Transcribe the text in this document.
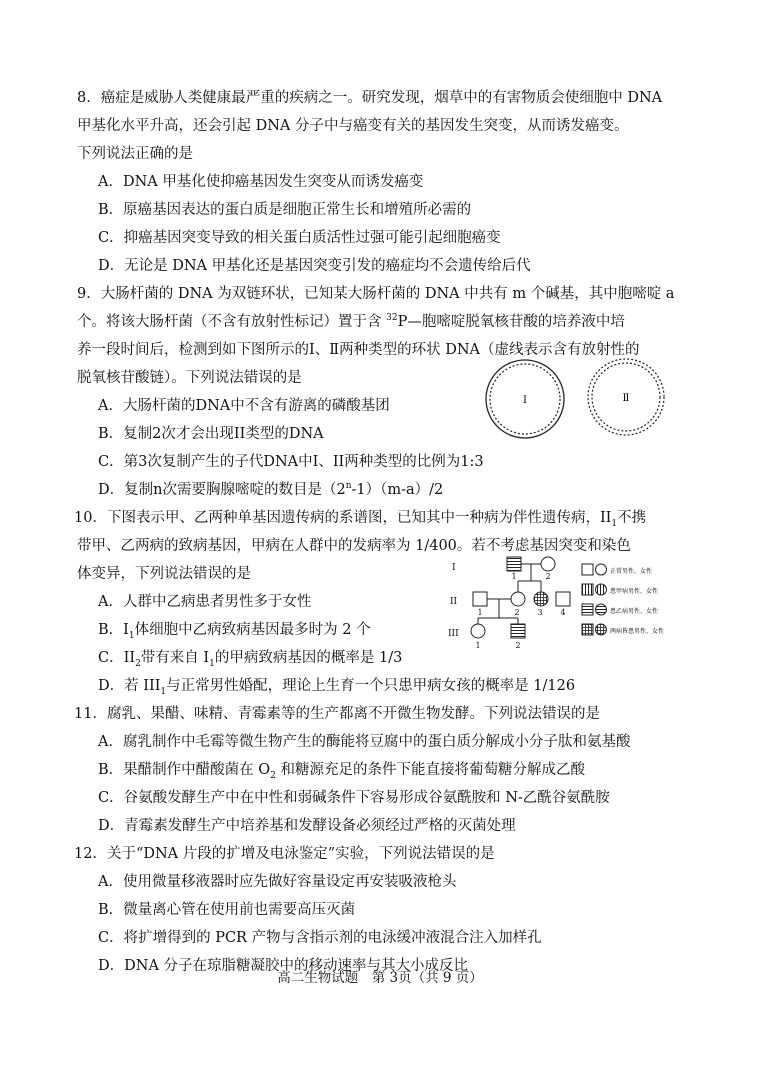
8．癌症是威胁人类健康最严重的疾病之一。研究发现，烟草中的有害物质会使细胞中 DNA
甲基化水平升高，还会引起 DNA 分子中与癌变有关的基因发生突变，从而诱发癌变。
下列说法正确的是
A．DNA 甲基化使抑癌基因发生突变从而诱发癌变
B．原癌基因表达的蛋白质是细胞正常生长和增殖所必需的
C．抑癌基因突变导致的相关蛋白质活性过强可能引起细胞癌变
D．无论是 DNA 甲基化还是基因突变引发的癌症均不会遗传给后代
9．大肠杆菌的 DNA 为双链环状，已知某大肠杆菌的 DNA 中共有 m 个碱基，其中胞嘧啶 a
个。将该大肠杆菌（不含有放射性标记）置于含 $^{32}$P—胞嘧啶脱氧核苷酸的培养液中培
养一段时间后，检测到如下图所示的Ⅰ、Ⅱ两种类型的环状 DNA（虚线表示含有放射性的
脱氧核苷酸链）。下列说法错误的是
A．大肠杆菌的DNA中不含有游离的磷酸基团
B．复制2次才会出现II类型的DNA
C．第3次复制产生的子代DNA中I、II两种类型的比例为1:3
D．复制n次需要胸腺嘧啶的数目是（2$^n$-1）（m-a）/2
Ⅰ	Ⅱ
10．下图表示甲、乙两种单基因遗传病的系谱图，已知其中一种病为伴性遗传病，$II_1$不携
带甲、乙两病的致病基因，甲病在人群中的发病率为 1/400。若不考虑基因突变和染色
体变异，下列说法错误的是
A．人群中乙病患者男性多于女性
B．$I_1$体细胞中乙病致病基因最多时为 2 个
C．$II_2$带有来自 $I_1$的甲病致病基因的概率是 1/3
D．若 $III_1$与正常男性婚配，理论上生育一个只患甲病女孩的概率是 1/126
I
II
III
1	2
1	2 3 4
1	2
正常男性、女性
患甲病男性、女性
患乙病男性、女性
两病皆患男性、女性
11．腐乳、果醋、味精、青霉素等的生产都离不开微生物发酵。下列说法错误的是
A．腐乳制作中毛霉等微生物产生的酶能将豆腐中的蛋白质分解成小分子肽和氨基酸
B．果醋制作中醋酸菌在 $O_2$ 和糖源充足的条件下能直接将葡萄糖分解成乙酸
C．谷氨酸发酵生产中在中性和弱碱条件下容易形成谷氨酰胺和 N-乙酰谷氨酰胺
D．青霉素发酵生产中培养基和发酵设备必须经过严格的灭菌处理
12．关于“DNA 片段的扩增及电泳鉴定”实验，下列说法错误的是
A．使用微量移液器时应先做好容量设定再安装吸液枪头
B．微量离心管在使用前也需要高压灭菌
C．将扩增得到的 PCR 产物与含指示剂的电泳缓冲液混合注入加样孔
D．DNA 分子在琼脂糖凝胶中的移动速率与其大小成反比
高二生物试题　第 3页（共 9 页）
